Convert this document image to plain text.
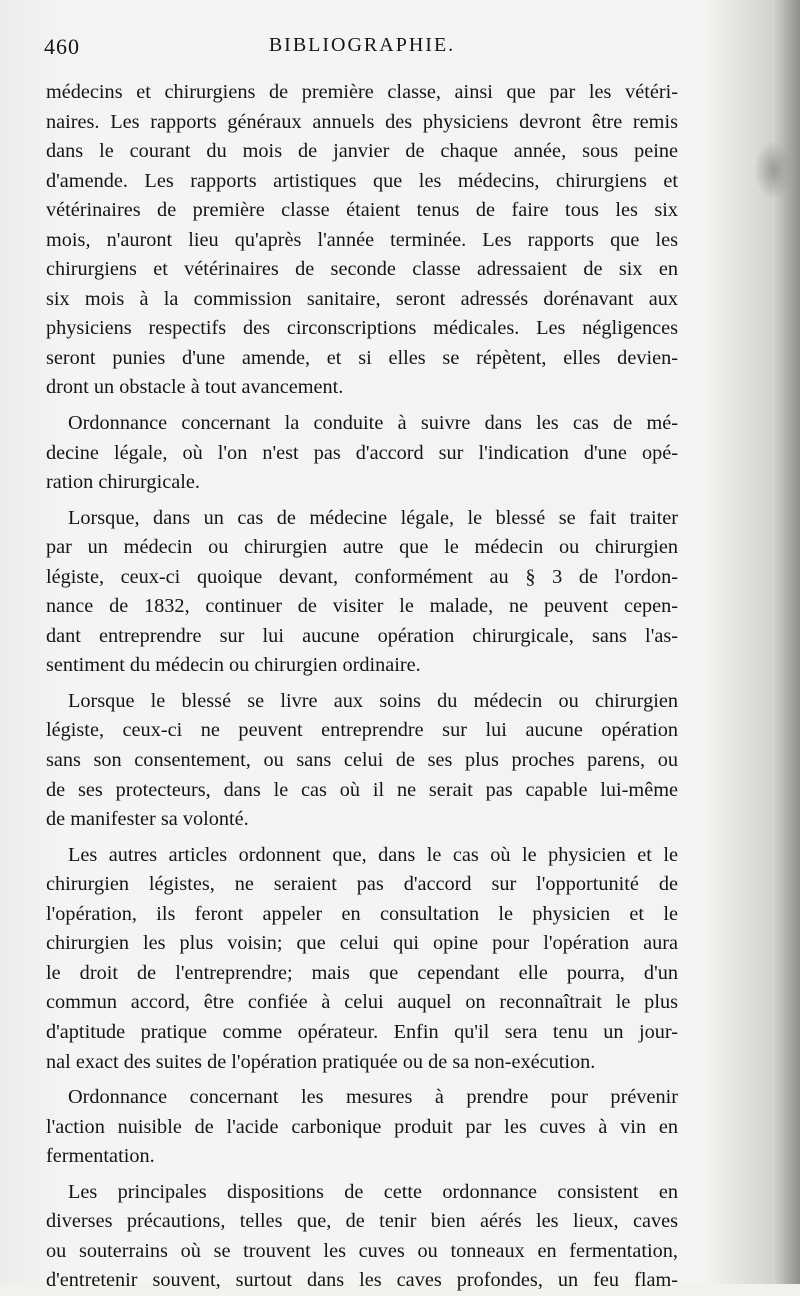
460	BIBLIOGRAPHIE.
médecins et chirurgiens de première classe, ainsi que par les vétéri-
naires. Les rapports généraux annuels des physiciens devront être remis
dans le courant du mois de janvier de chaque année, sous peine
d'amende. Les rapports artistiques que les médecins, chirurgiens et
vétérinaires de première classe étaient tenus de faire tous les six
mois, n'auront lieu qu'après l'année terminée. Les rapports que les
chirurgiens et vétérinaires de seconde classe adressaient de six en
six mois à la commission sanitaire, seront adressés dorénavant aux
physiciens respectifs des circonscriptions médicales. Les négligences
seront punies d'une amende, et si elles se répètent, elles devien-
dront un obstacle à tout avancement.
Ordonnance concernant la conduite à suivre dans les cas de mé-
decine légale, où l'on n'est pas d'accord sur l'indication d'une opé-
ration chirurgicale.
Lorsque, dans un cas de médecine légale, le blessé se fait traiter
par un médecin ou chirurgien autre que le médecin ou chirurgien
légiste, ceux-ci quoique devant, conformément au § 3 de l'ordon-
nance de 1832, continuer de visiter le malade, ne peuvent cepen-
dant entreprendre sur lui aucune opération chirurgicale, sans l'as-
sentiment du médecin ou chirurgien ordinaire.
Lorsque le blessé se livre aux soins du médecin ou chirurgien
légiste, ceux-ci ne peuvent entreprendre sur lui aucune opération
sans son consentement, ou sans celui de ses plus proches parens, ou
de ses protecteurs, dans le cas où il ne serait pas capable lui-même
de manifester sa volonté.
Les autres articles ordonnent que, dans le cas où le physicien et le
chirurgien légistes, ne seraient pas d'accord sur l'opportunité de
l'opération, ils feront appeler en consultation le physicien et le
chirurgien les plus voisin; que celui qui opine pour l'opération aura
le droit de l'entreprendre; mais que cependant elle pourra, d'un
commun accord, être confiée à celui auquel on reconnaîtrait le plus
d'aptitude pratique comme opérateur. Enfin qu'il sera tenu un jour-
nal exact des suites de l'opération pratiquée ou de sa non-exécution.
Ordonnance concernant les mesures à prendre pour prévenir
l'action nuisible de l'acide carbonique produit par les cuves à vin en
fermentation.
Les principales dispositions de cette ordonnance consistent en
diverses précautions, telles que, de tenir bien aérés les lieux, caves
ou souterrains où se trouvent les cuves ou tonneaux en fermentation,
d'entretenir souvent, surtout dans les caves profondes, un feu flam-
